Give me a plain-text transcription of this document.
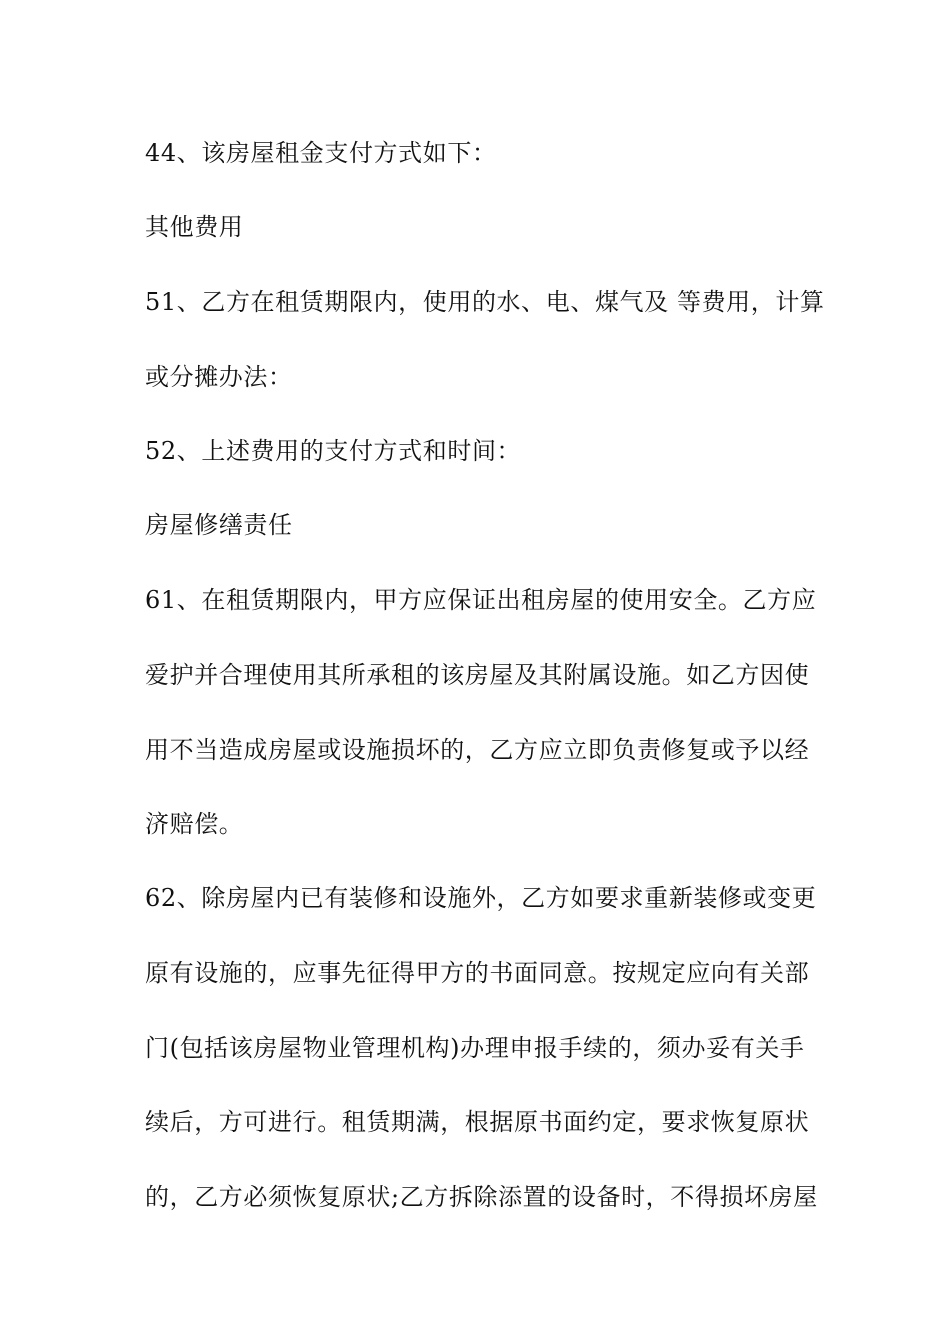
44、该房屋租金支付方式如下：
其他费用
51、乙方在租赁期限内，使用的水、电、煤气及 等费用，计算
或分摊办法：
52、上述费用的支付方式和时间：
房屋修缮责任
61、在租赁期限内，甲方应保证出租房屋的使用安全。乙方应
爱护并合理使用其所承租的该房屋及其附属设施。如乙方因使
用不当造成房屋或设施损坏的，乙方应立即负责修复或予以经
济赔偿。
62、除房屋内已有装修和设施外，乙方如要求重新装修或变更
原有设施的，应事先征得甲方的书面同意。按规定应向有关部
门(包括该房屋物业管理机构)办理申报手续的，须办妥有关手
续后，方可进行。租赁期满，根据原书面约定，要求恢复原状
的，乙方必须恢复原状;乙方拆除添置的设备时，不得损坏房屋
